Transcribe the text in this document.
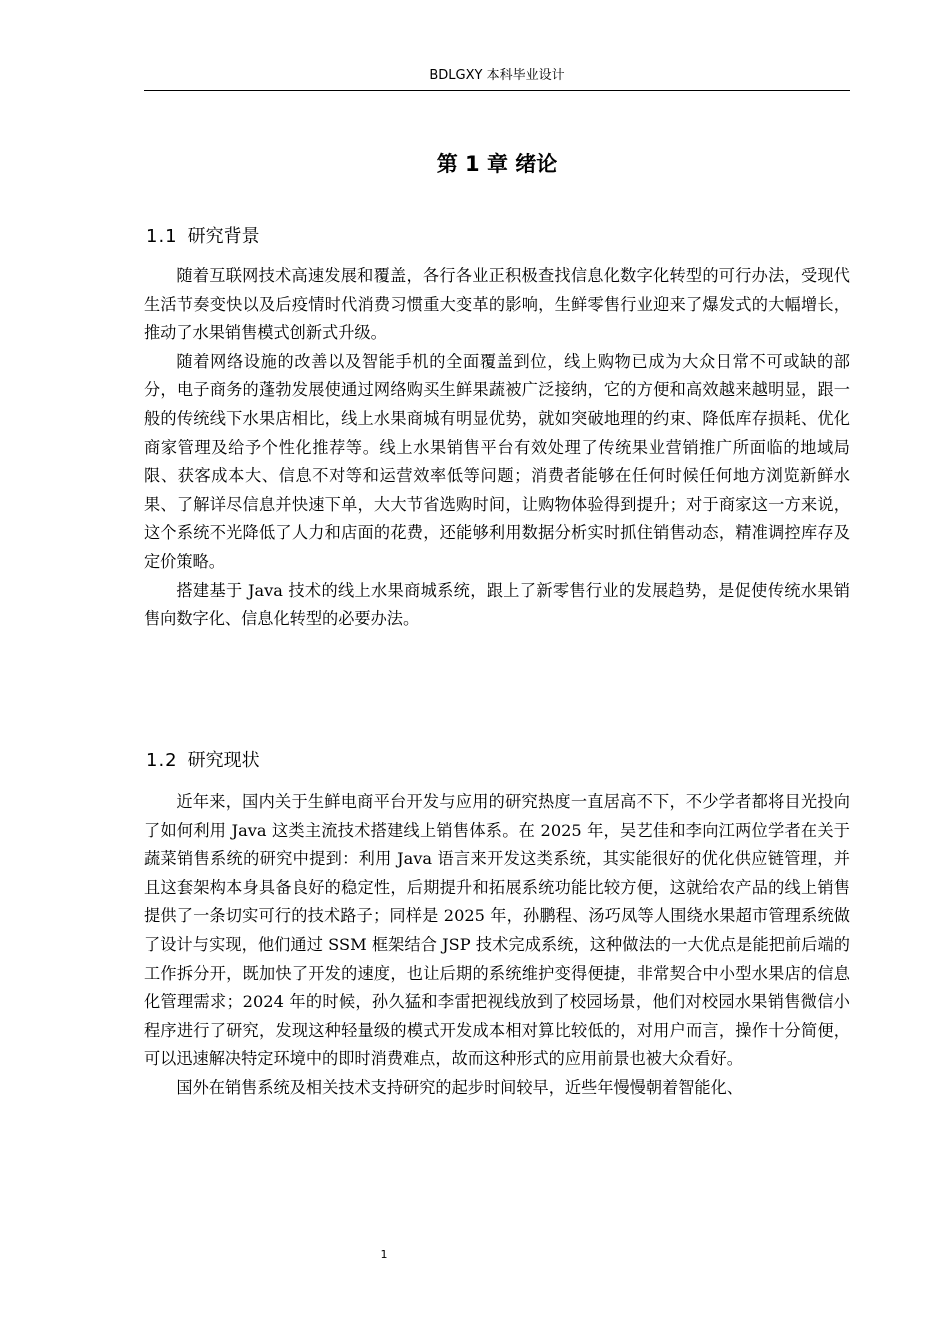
BDLGXY 本科毕业设计
第 1 章 绪论
1.1 研究背景

随着互联网技术高速发展和覆盖，各行各业正积极查找信息化数字化转型的可行办法，受现代生活节奏变快以及后疫情时代消费习惯重大变革的影响，生鲜零售行业迎来了爆发式的大幅增长，推动了水果销售模式创新式升级。

随着网络设施的改善以及智能手机的全面覆盖到位，线上购物已成为大众日常不可或缺的部分，电子商务的蓬勃发展使通过网络购买生鲜果蔬被广泛接纳，它的方便和高效越来越明显，跟一般的传统线下水果店相比，线上水果商城有明显优势，就如突破地理的约束、降低库存损耗、优化商家管理及给予个性化推荐等。线上水果销售平台有效处理了传统果业营销推广所面临的地域局限、获客成本大、信息不对等和运营效率低等问题；消费者能够在任何时候任何地方浏览新鲜水果、了解详尽信息并快速下单，大大节省选购时间，让购物体验得到提升；对于商家这一方来说，这个系统不光降低了人力和店面的花费，还能够利用数据分析实时抓住销售动态，精准调控库存及定价策略。

搭建基于 Java 技术的线上水果商城系统，跟上了新零售行业的发展趋势，是促使传统水果销售向数字化、信息化转型的必要办法。

1.2 研究现状

近年来，国内关于生鲜电商平台开发与应用的研究热度一直居高不下，不少学者都将目光投向了如何利用 Java 这类主流技术搭建线上销售体系。在 2025 年，吴艺佳和李向江两位学者在关于蔬菜销售系统的研究中提到：利用 Java 语言来开发这类系统，其实能很好的优化供应链管理，并且这套架构本身具备良好的稳定性，后期提升和拓展系统功能比较方便，这就给农产品的线上销售提供了一条切实可行的技术路子；同样是 2025 年，孙鹏程、汤巧凤等人围绕水果超市管理系统做了设计与实现，他们通过 SSM 框架结合 JSP 技术完成系统，这种做法的一大优点是能把前后端的工作拆分开，既加快了开发的速度，也让后期的系统维护变得便捷，非常契合中小型水果店的信息化管理需求；2024 年的时候，孙久猛和李雷把视线放到了校园场景，他们对校园水果销售微信小程序进行了研究，发现这种轻量级的模式开发成本相对算比较低的，对用户而言，操作十分简便，可以迅速解决特定环境中的即时消费难点，故而这种形式的应用前景也被大众看好。

国外在销售系统及相关技术支持研究的起步时间较早，近些年慢慢朝着智能化、

1
